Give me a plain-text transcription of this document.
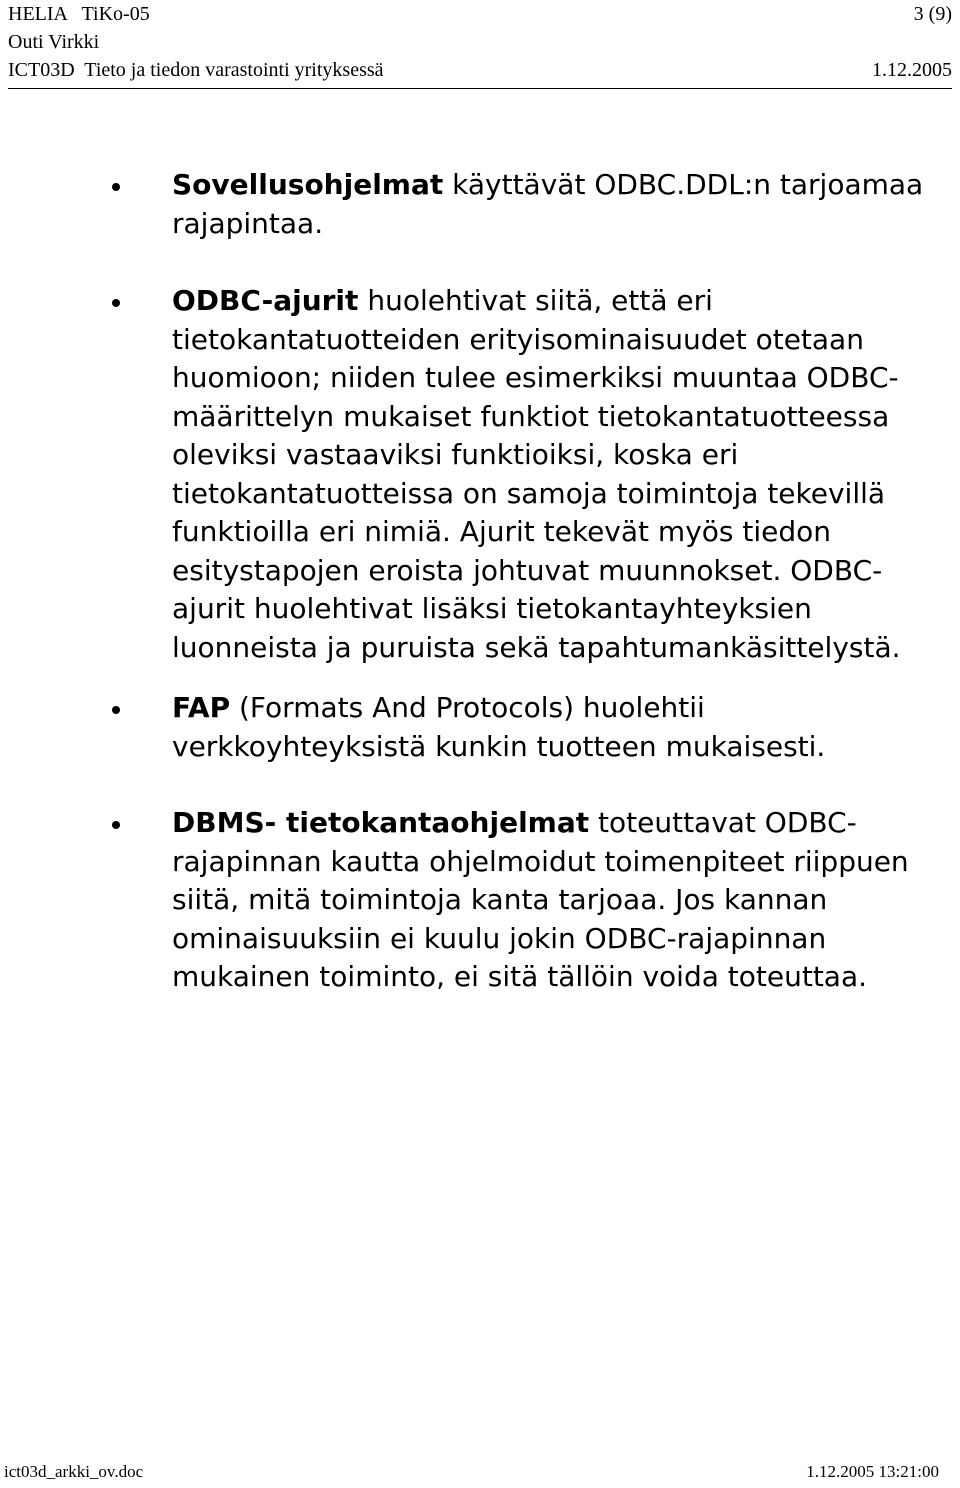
HELIA   TiKo-05	3 (9)
Outi Virkki
ICT03D  Tieto ja tiedon varastointi yrityksessä	1.12.2005

Sovellusohjelmat käyttävät ODBC.DDL:n tarjoamaa rajapintaa.

ODBC-ajurit huolehtivat siitä, että eri tietokantatuotteiden erityisominaisuudet otetaan huomioon; niiden tulee esimerkiksi muuntaa ODBC-määrittelyn mukaiset funktiot tietokantatuotteessa oleviksi vastaaviksi funktioiksi, koska eri tietokantatuotteissa on samoja toimintoja tekevillä funktioilla eri nimiä. Ajurit tekevät myös tiedon esitystapojen eroista johtuvat muunnokset. ODBC- ajurit huolehtivat lisäksi tietokantayhteyksien luonneista ja puruista sekä tapahtumankäsittelystä.

FAP (Formats And Protocols) huolehtii verkkoyhteyksistä kunkin tuotteen mukaisesti.

DBMS- tietokantaohjelmat toteuttavat ODBC-rajapinnan kautta ohjelmoidut toimenpiteet riippuen siitä, mitä toimintoja kanta tarjoaa. Jos kannan ominaisuuksiin ei kuulu jokin ODBC-rajapinnan mukainen toiminto, ei sitä tällöin voida toteuttaa.

ict03d_arkki_ov.doc	1.12.2005 13:21:00
